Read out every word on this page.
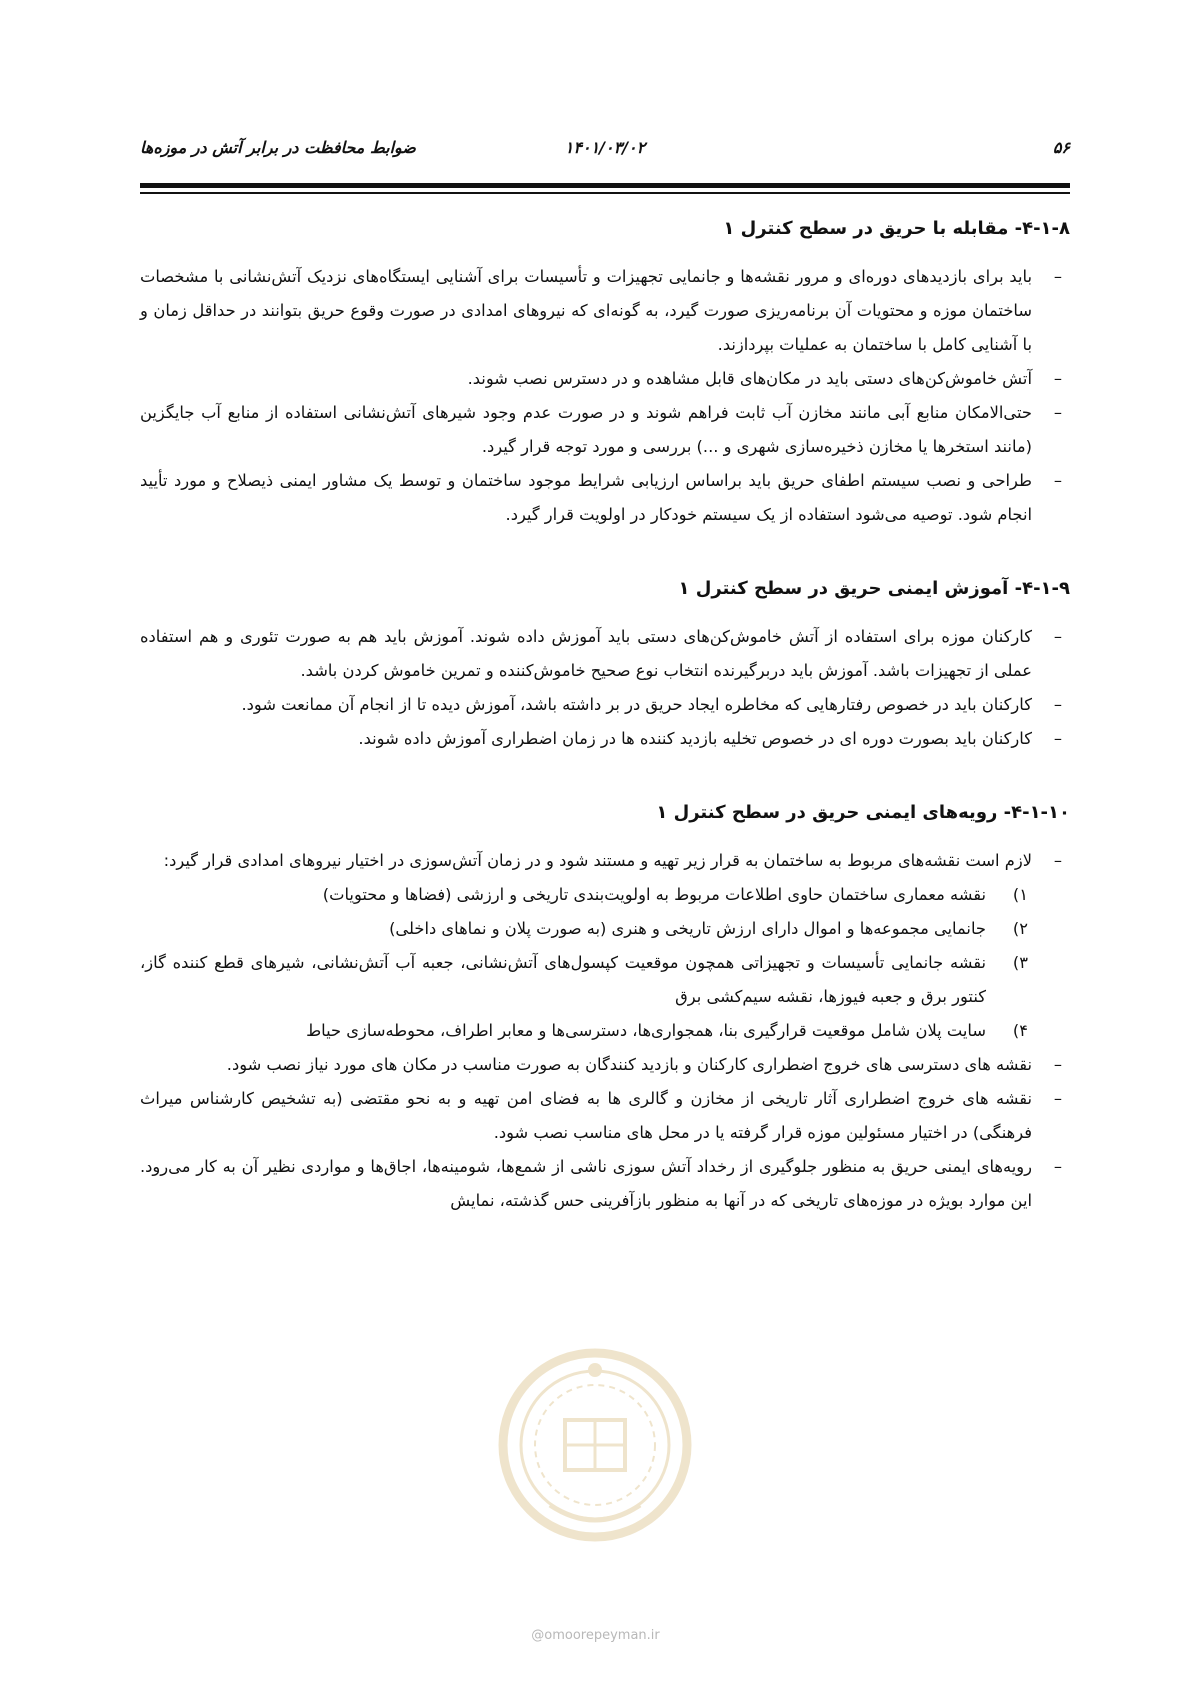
۵۶
۱۴۰۱/۰۳/۰۲
ضوابط محافظت در برابر آتش در موزه‌ها
۴-۱-۸- مقابله با حریق در سطح کنترل ۱
– باید برای بازدیدهای دوره‌ای و مرور نقشه‌ها و جانمایی تجهیزات و تأسیسات برای آشنایی ایستگاه‌های نزدیک آتش‌نشانی با مشخصات ساختمان موزه و محتویات آن برنامه‌ریزی صورت گیرد، به گونه‌ای که نیروهای امدادی در صورت وقوع حریق بتوانند در حداقل زمان و با آشنایی کامل با ساختمان به عملیات بپردازند.
– آتش خاموش‌کن‌های دستی باید در مکان‌های قابل مشاهده و در دسترس نصب شوند.
– حتی‌الامکان منابع آبی مانند مخازن آب ثابت فراهم شوند و در صورت عدم وجود شیرهای آتش‌نشانی استفاده از منابع آب جایگزین (مانند استخرها یا مخازن ذخیره‌سازی شهری و ...) بررسی و مورد توجه قرار گیرد.
– طراحی و نصب سیستم اطفای حریق باید براساس ارزیابی شرایط موجود ساختمان و توسط یک مشاور ایمنی ذیصلاح و مورد تأیید انجام شود. توصیه می‌شود استفاده از یک سیستم خودکار در اولویت قرار گیرد.
۴-۱-۹- آموزش ایمنی حریق در سطح کنترل ۱
– کارکنان موزه برای استفاده از آتش خاموش‌کن‌های دستی باید آموزش داده شوند. آموزش باید هم به صورت تئوری و هم استفاده عملی از تجهیزات باشد. آموزش باید دربرگیرنده انتخاب نوع صحیح خاموش‌کننده و تمرین خاموش کردن باشد.
– کارکنان باید در خصوص رفتارهایی که مخاطره ایجاد حریق در بر داشته باشد، آموزش دیده تا از انجام آن ممانعت شود.
– کارکنان باید بصورت دوره ای در خصوص تخلیه بازدید کننده ها در زمان اضطراری آموزش داده شوند.
۴-۱-۱۰- رویه‌های ایمنی حریق در سطح کنترل ۱
– لازم است نقشه‌های مربوط به ساختمان به قرار زیر تهیه و مستند شود و در زمان آتش‌سوزی در اختیار نیروهای امدادی قرار گیرد:
۱)
نقشه معماری ساختمان حاوی اطلاعات مربوط به اولویت‌بندی تاریخی و ارزشی (فضاها و محتویات)
۲)
جانمایی مجموعه‌ها و اموال دارای ارزش تاریخی و هنری (به صورت پلان و نماهای داخلی)
۳)
نقشه جانمایی تأسیسات و تجهیزاتی همچون موقعیت کپسول‌های آتش‌نشانی، جعبه آب آتش‌نشانی، شیرهای قطع کننده گاز، کنتور برق و جعبه فیوزها، نقشه سیم‌کشی برق
۴)
سایت پلان شامل موقعیت قرارگیری بنا، همجواری‌ها، دسترسی‌ها و معابر اطراف، محوطه‌سازی حیاط
– نقشه های دسترسی های خروج اضطراری کارکنان و بازدید کنندگان به صورت مناسب در مکان های مورد نیاز نصب شود.
– نقشه های خروج اضطراری آثار تاریخی از مخازن و گالری ها به فضای امن تهیه و به نحو مقتضی (به تشخیص کارشناس میراث فرهنگی) در اختیار مسئولین موزه قرار گرفته یا در محل های مناسب نصب شود.
– رویه‌های ایمنی حریق به منظور جلوگیری از رخداد آتش سوزی ناشی از شمع‌ها، شومینه‌ها، اجاق‌ها و مواردی نظیر آن به کار می‌رود. این موارد بویژه در موزه‌های تاریخی که در آنها به منظور بازآفرینی حس گذشته، نمایش
@omoorepeyman.ir
